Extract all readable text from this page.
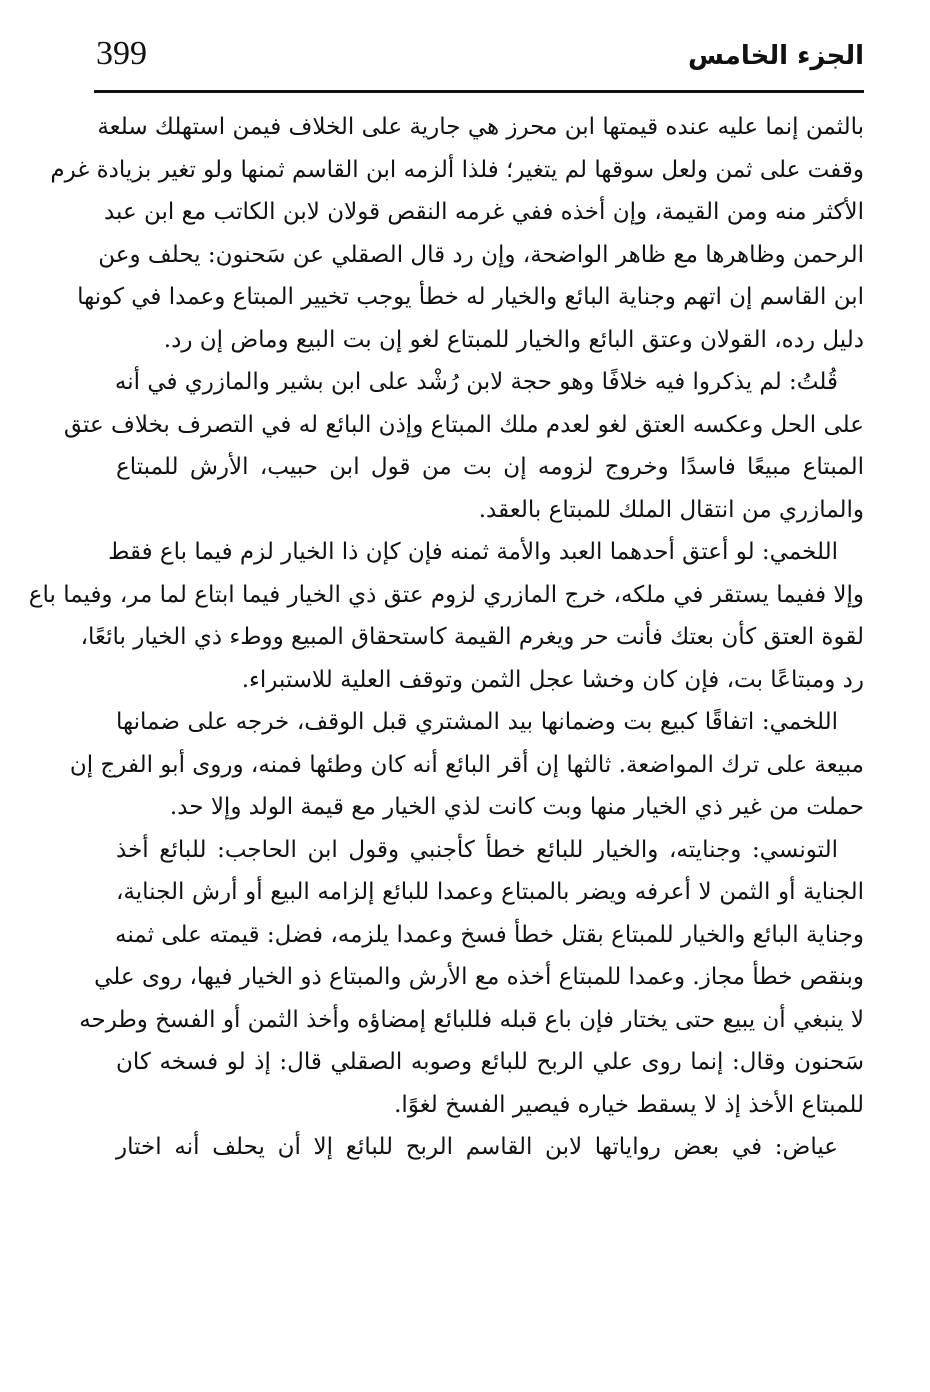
399	الجزء الخامس
بالثمن إنما عليه عنده قيمتها ابن محرز هي جارية على الخلاف فيمن استهلك سلعة
وقفت على ثمن ولعل سوقها لم يتغير؛ فلذا ألزمه ابن القاسم ثمنها ولو تغير بزيادة غرم
الأكثر منه ومن القيمة، وإن أخذه ففي غرمه النقص قولان لابن الكاتب مع ابن عبد
الرحمن وظاهرها مع ظاهر الواضحة، وإن رد قال الصقلي عن سَحنون: يحلف وعن
ابن القاسم إن اتهم وجناية البائع والخيار له خطأ يوجب تخيير المبتاع وعمدا في كونها
دليل رده، القولان وعتق البائع والخيار للمبتاع لغو إن بت البيع وماض إن رد.
قُلتُ: لم يذكروا فيه خلافًا وهو حجة لابن رُشْد على ابن بشير والمازري في أنه
على الحل وعكسه العتق لغو لعدم ملك المبتاع وإذن البائع له في التصرف بخلاف عتق
المبتاع مبيعًا فاسدًا وخروج لزومه إن بت من قول ابن حبيب، الأرش للمبتاع
والمازري من انتقال الملك للمبتاع بالعقد.
اللخمي: لو أعتق أحدهما العبد والأمة ثمنه فإن كإن ذا الخيار لزم فيما باع فقط
وإلا ففيما يستقر في ملكه، خرج المازري لزوم عتق ذي الخيار فيما ابتاع لما مر، وفيما باع
لقوة العتق كأن بعتك فأنت حر ويغرم القيمة كاستحقاق المبيع ووطء ذي الخيار بائعًا،
رد ومبتاعًا بت، فإن كان وخشا عجل الثمن وتوقف العلية للاستبراء.
اللخمي: اتفاقًا كبيع بت وضمانها بيد المشتري قبل الوقف، خرجه على ضمانها
مبيعة على ترك المواضعة. ثالثها إن أقر البائع أنه كان وطئها فمنه، وروى أبو الفرج إن
حملت من غير ذي الخيار منها وبت كانت لذي الخيار مع قيمة الولد وإلا حد.
التونسي: وجنايته، والخيار للبائع خطأ كأجنبي وقول ابن الحاجب: للبائع أخذ
الجناية أو الثمن لا أعرفه ويضر بالمبتاع وعمدا للبائع إلزامه البيع أو أرش الجناية،
وجناية البائع والخيار للمبتاع بقتل خطأ فسخ وعمدا يلزمه، فضل: قيمته على ثمنه
وبنقص خطأ مجاز. وعمدا للمبتاع أخذه مع الأرش والمبتاع ذو الخيار فيها، روى علي
لا ينبغي أن يبيع حتى يختار فإن باع قبله فللبائع إمضاؤه وأخذ الثمن أو الفسخ وطرحه
سَحنون وقال: إنما روى علي الربح للبائع وصوبه الصقلي قال: إذ لو فسخه كان
للمبتاع الأخذ إذ لا يسقط خياره فيصير الفسخ لغوًا.
عياض: في بعض رواياتها لابن القاسم الربح للبائع إلا أن يحلف أنه اختار
